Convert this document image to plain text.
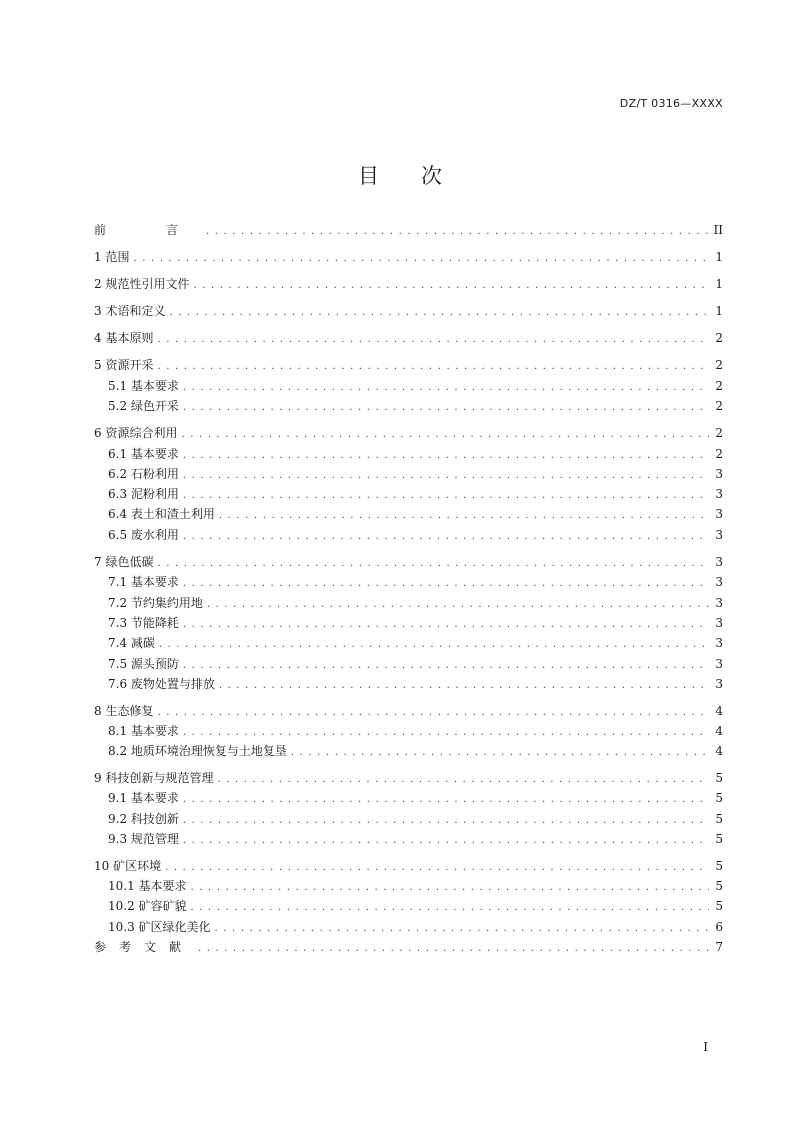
DZ/T 0316—XXXX
目 次
前　言 . . .	II
1 范围 . . .	1
2 规范性引用文件 . . .	1
3 术语和定义 . . .	1
4 基本原则 . . .	2
5 资源开采 . . .	2
5.1 基本要求 . . .	2
5.2 绿色开采 . . .	2
6 资源综合利用 . . .	2
6.1 基本要求 . . .	2
6.2 石粉利用 . . .	3
6.3 泥粉利用 . . .	3
6.4 表土和渣土利用 . . .	3
6.5 废水利用 . . .	3
7 绿色低碳 . . .	3
7.1 基本要求 . . .	3
7.2 节约集约用地 . . .	3
7.3 节能降耗 . . .	3
7.4 减碳 . . .	3
7.5 源头预防 . . .	3
7.6 废物处置与排放 . . .	3
8 生态修复 . . .	4
8.1 基本要求 . . .	4
8.2 地质环境治理恢复与土地复垦 . . .	4
9 科技创新与规范管理 . . .	5
9.1 基本要求 . . .	5
9.2 科技创新 . . .	5
9.3 规范管理 . . .	5
10 矿区环境 . . .	5
10.1 基本要求 . . .	5
10.2 矿容矿貌 . . .	5
10.3 矿区绿化美化 . . .	6
参考文献 . . .	7
I
